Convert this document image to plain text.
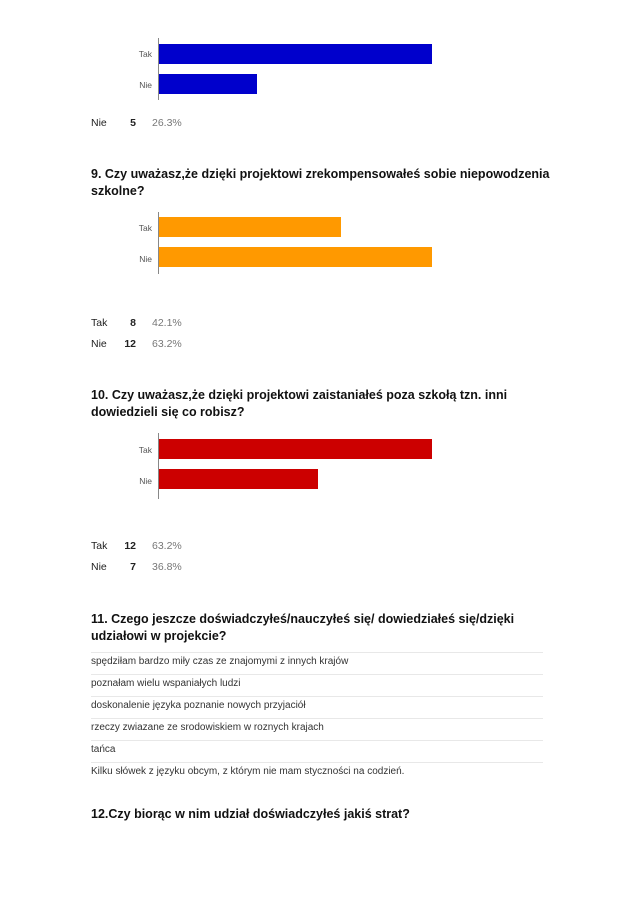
Tak
Nie
Nie	5 26.3%
9. Czy uważasz,że dzięki projektowi zrekompensowałeś sobie niepowodzenia szkolne?
Tak
Nie
Tak	8 42.1%
Nie	12 63.2%
10. Czy uważasz,że dzięki projektowi zaistaniałeś poza szkołą tzn. inni dowiedzieli się co robisz?
Tak
Nie
Tak	12 63.2%
Nie	7 36.8%
11. Czego jeszcze doświadczyłeś/nauczyłeś się/ dowiedziałeś się/dzięki udziałowi w projekcie?
spędziłam bardzo miły czas ze znajomymi z innych krajów
poznałam wielu wspaniałych ludzi
doskonalenie języka poznanie nowych przyjaciół
rzeczy zwiazane ze srodowiskiem w roznych krajach
tańca
Kilku słówek z języku obcym, z którym nie mam styczności na codzień.
12.Czy biorąc w nim udział doświadczyłeś jakiś strat?
